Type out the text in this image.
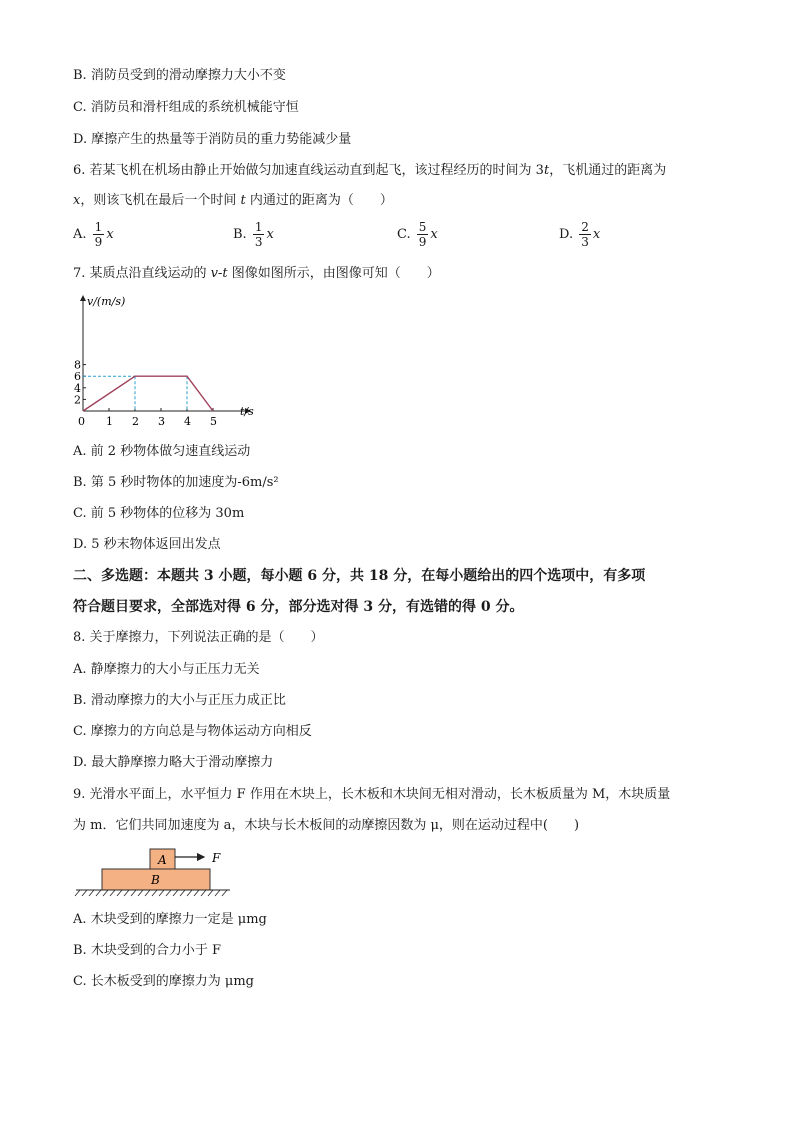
B. 消防员受到的滑动摩擦力大小不变
C. 消防员和滑杆组成的系统机械能守恒
D. 摩擦产生的热量等于消防员的重力势能减少量
6. 若某飞机在机场由静止开始做匀加速直线运动直到起飞，该过程经历的时间为 3t，飞机通过的距离为
x，则该飞机在最后一个时间 t 内通过的距离为（　　）
A. $\frac{1}{9}$ x	B. $\frac{1}{3}$ x	C. $\frac{5}{9}$ x	D. $\frac{2}{3}$ x
7. 某质点沿直线运动的 v-t 图像如图所示，由图像可知（　　）
v/(m/s)
t/s
0
2
4
6
8
1 2 3 4 5
A. 前 2 秒物体做匀速直线运动
B. 第 5 秒时物体的加速度为-6m/s²
C. 前 5 秒物体的位移为 30m
D. 5 秒末物体返回出发点
二、多选题：本题共 3 小题，每小题 6 分，共 18 分，在每小题给出的四个选项中，有多项
符合题目要求，全部选对得 6 分，部分选对得 3 分，有选错的得 0 分。
8. 关于摩擦力，下列说法正确的是（　　）
A. 静摩擦力的大小与正压力无关
B. 滑动摩擦力的大小与正压力成正比
C. 摩擦力的方向总是与物体运动方向相反
D. 最大静摩擦力略大于滑动摩擦力
9. 光滑水平面上，水平恒力 F 作用在木块上，长木板和木块间无相对滑动，长木板质量为 M，木块质量
为 m．它们共同加速度为 a，木块与长木板间的动摩擦因数为 μ，则在运动过程中(　　)
A
B
F
A. 木块受到的摩擦力一定是 μmg
B. 木块受到的合力小于 F
C. 长木板受到的摩擦力为 μmg
